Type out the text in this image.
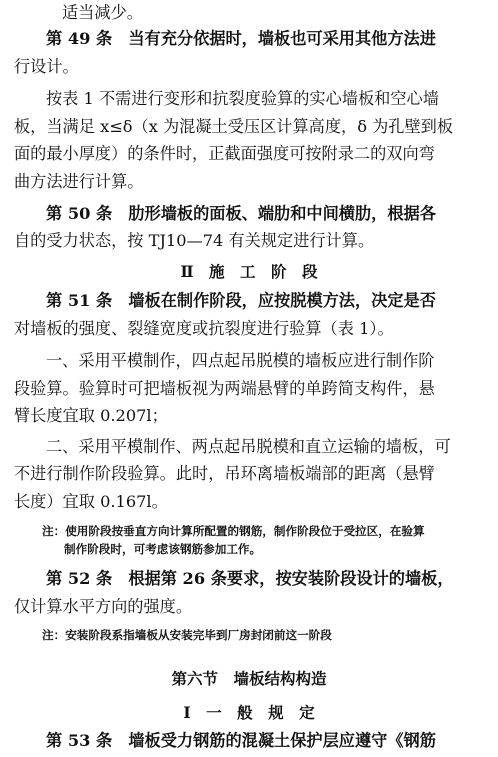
适当减少。
第 49 条　当有充分依据时，墙板也可采用其他方法进
行设计。
按表 1 不需进行变形和抗裂度验算的实心墙板和空心墙
板，当满足 x≤δ（x 为混凝土受压区计算高度，δ 为孔壁到板
面的最小厚度）的条件时，正截面强度可按附录二的双向弯
曲方法进行计算。
第 50 条　肋形墙板的面板、端肋和中间横肋，根据各
自的受力状态，按 TJ10—74 有关规定进行计算。
Ⅱ　施　工　阶　段
第 51 条　墙板在制作阶段，应按脱模方法，决定是否
对墙板的强度、裂缝宽度或抗裂度进行验算（表 1）。
一、采用平模制作，四点起吊脱模的墙板应进行制作阶
段验算。验算时可把墙板视为两端悬臂的单跨简支构件，悬
臂长度宜取 0.207l；
二、采用平模制作、两点起吊脱模和直立运输的墙板，可
不进行制作阶段验算。此时，吊环离墙板端部的距离（悬臂
长度）宜取 0.167l。
注：使用阶段按垂直方向计算所配置的钢筋，制作阶段位于受拉区，在验算
制作阶段时，可考虑该钢筋参加工作。
第 52 条　根据第 26 条要求，按安装阶段设计的墙板，
仅计算水平方向的强度。
注：安装阶段系指墙板从安装完毕到厂房封闭前这一阶段
第六节　墙板结构构造
Ⅰ　一　般　规　定
第 53 条　墙板受力钢筋的混凝土保护层应遵守《钢筋
